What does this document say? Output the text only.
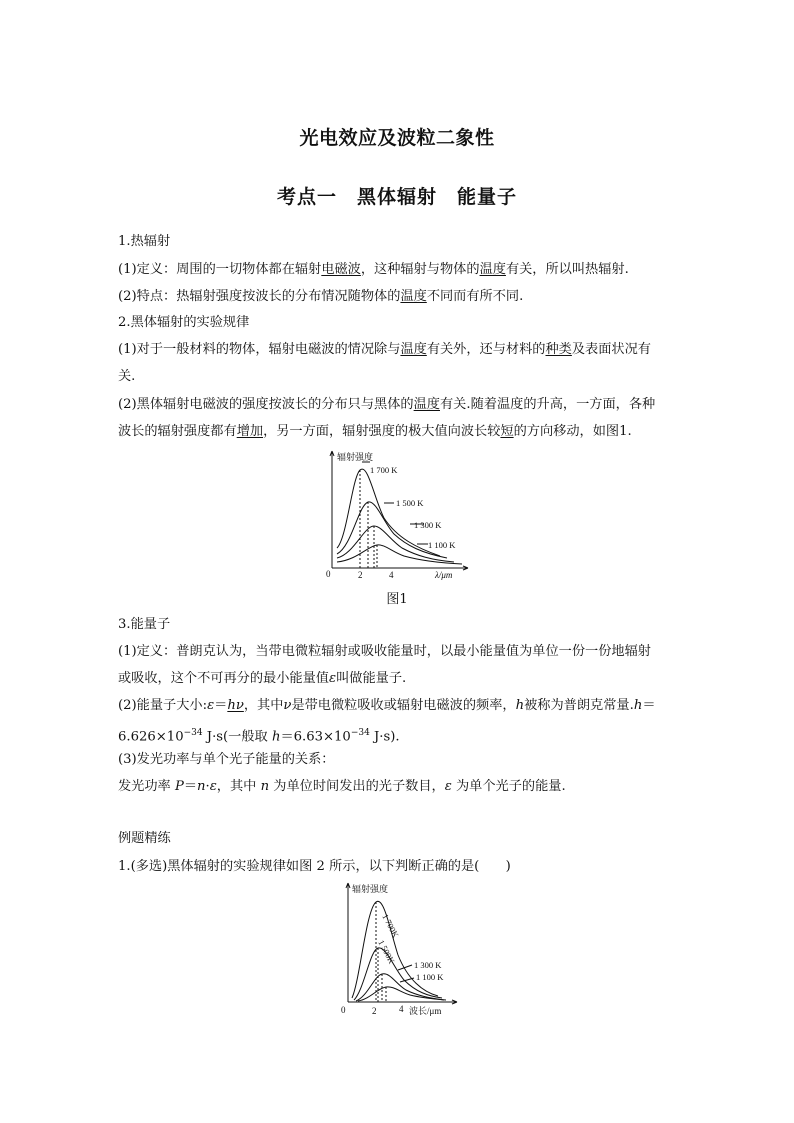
光电效应及波粒二象性
考点一　黑体辐射　能量子
1.热辐射
(1)定义：周围的一切物体都在辐射电磁波，这种辐射与物体的温度有关，所以叫热辐射.
(2)特点：热辐射强度按波长的分布情况随物体的温度不同而有所不同.
2.黑体辐射的实验规律
(1)对于一般材料的物体，辐射电磁波的情况除与温度有关外，还与材料的种类及表面状况有
关.
(2)黑体辐射电磁波的强度按波长的分布只与黑体的温度有关.随着温度的升高，一方面，各种
波长的辐射强度都有增加，另一方面，辐射强度的极大值向波长较短的方向移动，如图1.
辐射强度
1 700 K
1 500 K
1 300 K
1 100 K
0	2	4	λ/μm
图1
3.能量子
(1)定义：普朗克认为，当带电微粒辐射或吸收能量时，以最小能量值为单位一份一份地辐射
或吸收，这个不可再分的最小能量值ε叫做能量子.
(2)能量子大小:ε＝hν，其中ν是带电微粒吸收或辐射电磁波的频率，h被称为普朗克常量.h＝
$6.626\times 10^{-34}$ J·s(一般取 $h=6.63\times 10^{-34}$ J·s).
(3)发光功率与单个光子能量的关系：
发光功率 P＝n·ε，其中 n 为单位时间发出的光子数目，ε 为单个光子的能量.
例题精练
1.(多选)黑体辐射的实验规律如图 2 所示，以下判断正确的是(　　)
辐射强度
1 700K
1 500K 1 300 K
1 100 K
0	2	4 波长/μm
